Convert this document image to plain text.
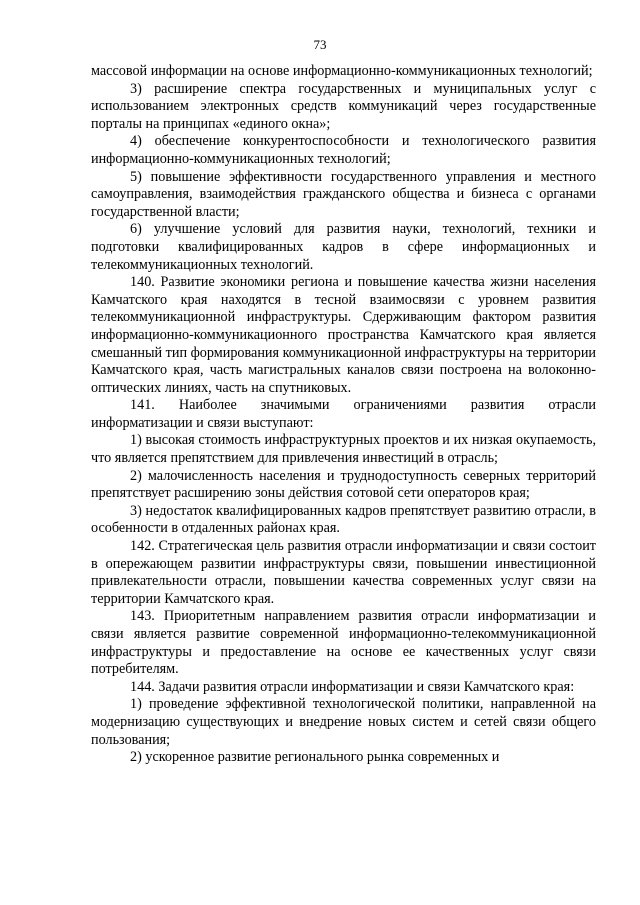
73

массовой информации на основе информационно-коммуникационных технологий;

3) расширение спектра государственных и муниципальных услуг с использованием электронных средств коммуникаций через государственные порталы на принципах «единого окна»;

4) обеспечение конкурентоспособности и технологического развития информационно-коммуникационных технологий;

5) повышение эффективности государственного управления и местного самоуправления, взаимодействия гражданского общества и бизнеса с органами государственной власти;

6) улучшение условий для развития науки, технологий, техники и подготовки квалифицированных кадров в сфере информационных и телекоммуникационных технологий.

140. Развитие экономики региона и повышение качества жизни населения Камчатского края находятся в тесной взаимосвязи с уровнем развития телекоммуникационной инфраструктуры. Сдерживающим фактором развития информационно-коммуникационного пространства Камчатского края является смешанный тип формирования коммуникационной инфраструктуры на территории Камчатского края, часть магистральных каналов связи построена на волоконно-оптических линиях, часть на спутниковых.

141. Наиболее значимыми ограничениями развития отрасли информатизации и связи выступают:

1) высокая стоимость инфраструктурных проектов и их низкая окупаемость, что является препятствием для привлечения инвестиций в отрасль;

2) малочисленность населения и труднодоступность северных территорий препятствует расширению зоны действия сотовой сети операторов края;

3) недостаток квалифицированных кадров препятствует развитию отрасли, в особенности в отдаленных районах края.

142. Стратегическая цель развития отрасли информатизации и связи состоит в опережающем развитии инфраструктуры связи, повышении инвестиционной привлекательности отрасли, повышении качества современных услуг связи на территории Камчатского края.

143. Приоритетным направлением развития отрасли информатизации и связи является развитие современной информационно-телекоммуникационной инфраструктуры и предоставление на основе ее качественных услуг связи потребителям.

144. Задачи развития отрасли информатизации и связи Камчатского края:

1) проведение эффективной технологической политики, направленной на модернизацию существующих и внедрение новых систем и сетей связи общего пользования;

2) ускоренное развитие регионального рынка современных и
